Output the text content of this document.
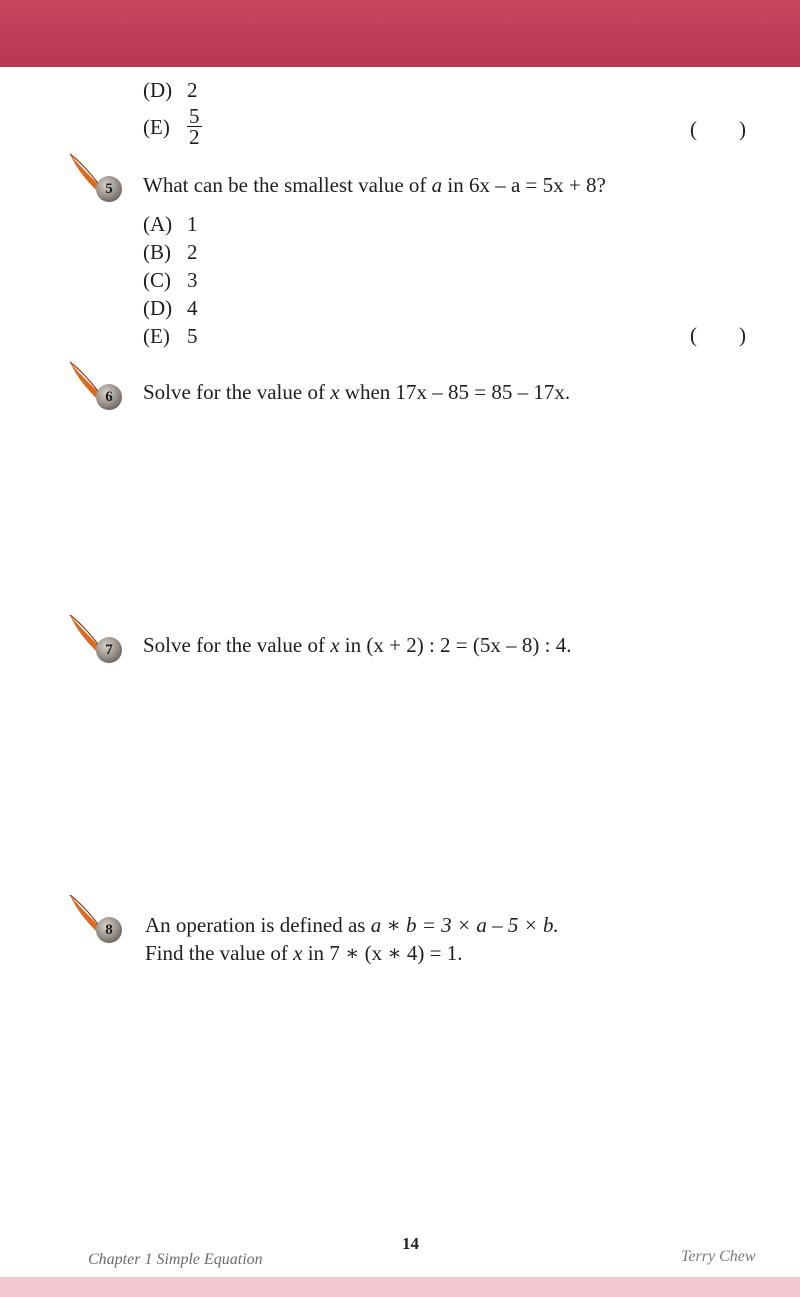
(D) 2
$(E) \frac{5}{2}$	( )
5	What can be the smallest value of a in 6x – a = 5x + 8?
(A) 1
(B) 2
(C) 3
(D) 4
(E) 5	( )
6	Solve for the value of x when 17x – 85 = 85 – 17x.
7	Solve for the value of x in (x + 2) : 2 = (5x – 8) : 4.
8	An operation is defined as a ∗ b = 3 × a – 5 × b.
Find the value of x in 7 ∗ (x ∗ 4) = 1.
14
Chapter 1 Simple Equation	Terry Chew
